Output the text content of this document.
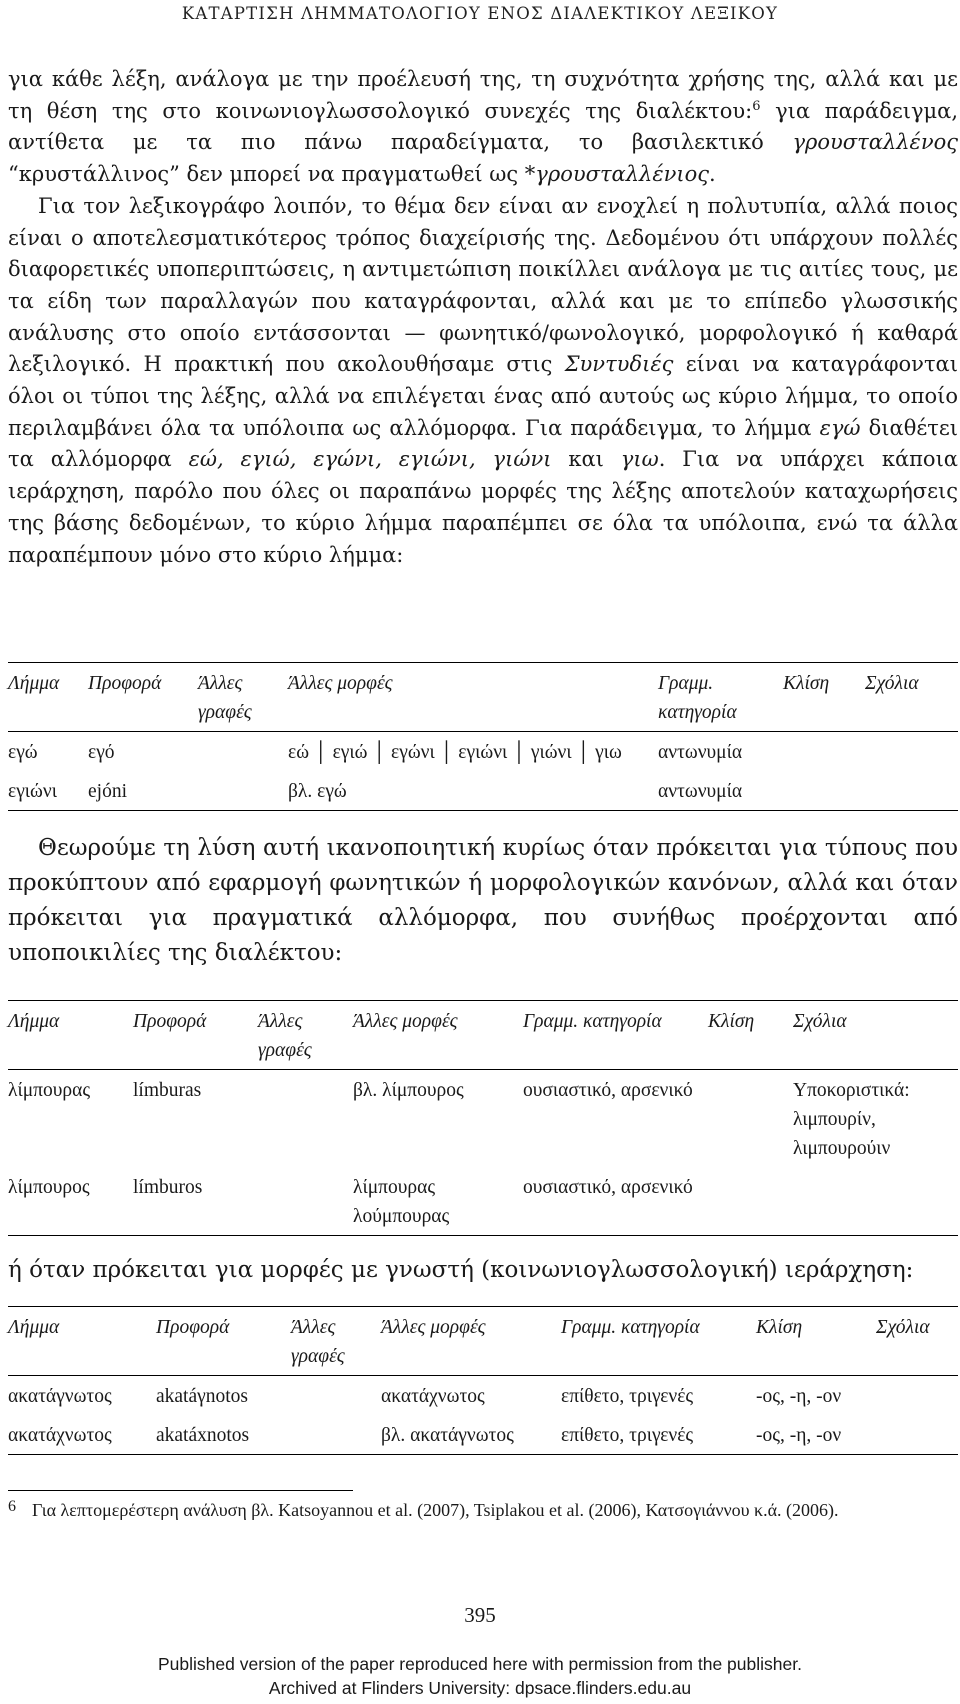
ΚΑΤΑΡΤΙΣΗ ΛΗΜΜΑΤΟΛΟΓΙΟΥ ΕΝΟΣ ΔΙΑΛΕΚΤΙΚΟΥ ΛΕΞΙΚΟΥ

για κάθε λέξη, ανάλογα με την προέλευσή της, τη συχνότητα χρήσης της, αλλά και με τη θέση της στο κοινωνιογλωσσολογικό συνεχές της διαλέκτου:$^6$ για παράδειγμα, αντίθετα με τα πιο πάνω παραδείγματα, το βασιλεκτικό γρουσταλλένος “κρυστάλλινος” δεν μπορεί να πραγματωθεί ως *γρουσταλλένιος.

Για τον λεξικογράφο λοιπόν, το θέμα δεν είναι αν ενοχλεί η πολυτυπία, αλλά ποιος είναι ο αποτελεσματικότερος τρόπος διαχείρισής της. Δεδομένου ότι υπάρχουν πολλές διαφορετικές υποπεριπτώσεις, η αντιμετώπιση ποικίλλει ανάλογα με τις αιτίες τους, με τα είδη των παραλλαγών που καταγράφονται, αλλά και με το επίπεδο γλωσσικής ανάλυσης στο οποίο εντάσσονται — φωνητικό/φωνολογικό, μορφολογικό ή καθαρά λεξιλογικό. Η πρακτική που ακολουθήσαμε στις Συντυδιές είναι να καταγράφονται όλοι οι τύποι της λέξης, αλλά να επιλέγεται ένας από αυτούς ως κύριο λήμμα, το οποίο περιλαμβάνει όλα τα υπόλοιπα ως αλλόμορφα. Για παράδειγμα, το λήμμα εγώ διαθέτει τα αλλόμορφα εώ, εγιώ, εγώνι, εγιώνι, γιώνι και γιω. Για να υπάρχει κάποια ιεράρχηση, παρόλο που όλες οι παραπάνω μορφές της λέξης αποτελούν καταχωρήσεις της βάσης δεδομένων, το κύριο λήμμα παραπέμπει σε όλα τα υπόλοιπα, ενώ τα άλλα παραπέμπουν μόνο στο κύριο λήμμα:

Λήμμα	Προφορά	Άλλες γραφές	Άλλες μορφές	Γραμμ. κατηγορία	Κλίση	Σχόλια
εγώ	εγό		εώ │ εγιώ │ εγώνι │ εγιώνι │ γιώνι │ γιω	αντωνυμία		
εγιώνι	ejóni		βλ. εγώ	αντωνυμία		

Θεωρούμε τη λύση αυτή ικανοποιητική κυρίως όταν πρόκειται για τύπους που προκύπτουν από εφαρμογή φωνητικών ή μορφολογικών κανόνων, αλλά και όταν πρόκειται για πραγματικά αλλόμορφα, που συνήθως προέρχονται από υποποικιλίες της διαλέκτου:

Λήμμα	Προφορά	Άλλες γραφές	Άλλες μορφές	Γραμμ. κατηγορία	Κλίση	Σχόλια
λίμπουρας	límburas		βλ. λίμπουρος	ουσιαστικό, αρσενικό		Υποκοριστικά: λιμπουρίν, λιμπουρούιν
λίμπουρος	límburos		λίμπουρας λούμπουρας	ουσιαστικό, αρσενικό		

ή όταν πρόκειται για μορφές με γνωστή (κοινωνιογλωσσολογική) ιεράρχηση:

Λήμμα	Προφορά	Άλλες γραφές	Άλλες μορφές	Γραμμ. κατηγορία	Κλίση	Σχόλια
ακατάγνωτος	akatáγnotos		ακατάχνωτος	επίθετο, τριγενές	-ος, -η, -ον	
ακατάχνωτος	akatáxnotos		βλ. ακατάγνωτος	επίθετο, τριγενές	-ος, -η, -ον	
6 Για λεπτομερέστερη ανάλυση βλ. Katsoyannou et al. (2007), Tsiplakou et al. (2006), Κατσογιάννου κ.ά. (2006).
395
Published version of the paper reproduced here with permission from the publisher.
Archived at Flinders University: dpsace.flinders.edu.au
